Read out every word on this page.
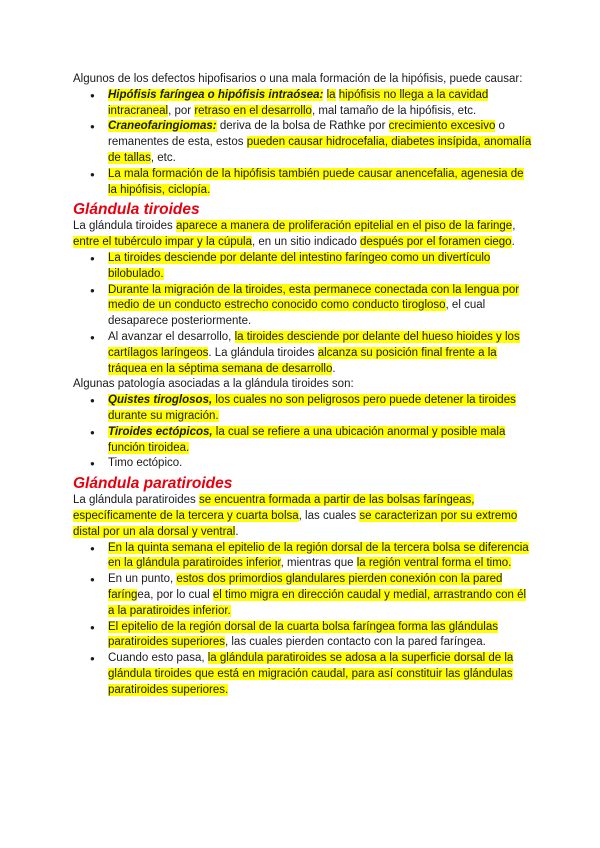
Algunos de los defectos hipofisarios o una mala formación de la hipófisis, puede causar:

● Hipófisis faríngea o hipófisis intraósea: la hipófisis no llega a la cavidad intracraneal, por retraso en el desarrollo, mal tamaño de la hipófisis, etc.
● Craneofaringiomas: deriva de la bolsa de Rathke por crecimiento excesivo o remanentes de esta, estos pueden causar hidrocefalia, diabetes insípida, anomalía de tallas, etc.
● La mala formación de la hipófisis también puede causar anencefalia, agenesia de la hipófisis, ciclopía.
Glándula tiroides

La glándula tiroides aparece a manera de proliferación epitelial en el piso de la faringe, entre el tubérculo impar y la cúpula, en un sitio indicado después por el foramen ciego.

● La tiroides desciende por delante del intestino faríngeo como un divertículo bilobulado.
● Durante la migración de la tiroides, esta permanece conectada con la lengua por medio de un conducto estrecho conocido como conducto tirogloso, el cual desaparece posteriormente.
● Al avanzar el desarrollo, la tiroides desciende por delante del hueso hioides y los cartílagos laríngeos. La glándula tiroides alcanza su posición final frente a la tráquea en la séptima semana de desarrollo.

Algunas patología asociadas a la glándula tiroides son:

● Quistes tiroglosos, los cuales no son peligrosos pero puede detener la tiroides durante su migración.
● Tiroides ectópicos, la cual se refiere a una ubicación anormal y posible mala función tiroidea.
● Timo ectópico.
Glándula paratiroides

La glándula paratiroides se encuentra formada a partir de las bolsas faríngeas, específicamente de la tercera y cuarta bolsa, las cuales se caracterizan por su extremo distal por un ala dorsal y ventral.

● En la quinta semana el epitelio de la región dorsal de la tercera bolsa se diferencia en la glándula paratiroides inferior, mientras que la región ventral forma el timo.
● En un punto, estos dos primordios glandulares pierden conexión con la pared faríngea, por lo cual el timo migra en dirección caudal y medial, arrastrando con él a la paratiroides inferior.
● El epitelio de la región dorsal de la cuarta bolsa faríngea forma las glándulas paratiroides superiores, las cuales pierden contacto con la pared faríngea.
● Cuando esto pasa, la glándula paratiroides se adosa a la superficie dorsal de la glándula tiroides que está en migración caudal, para así constituir las glándulas paratiroides superiores.
